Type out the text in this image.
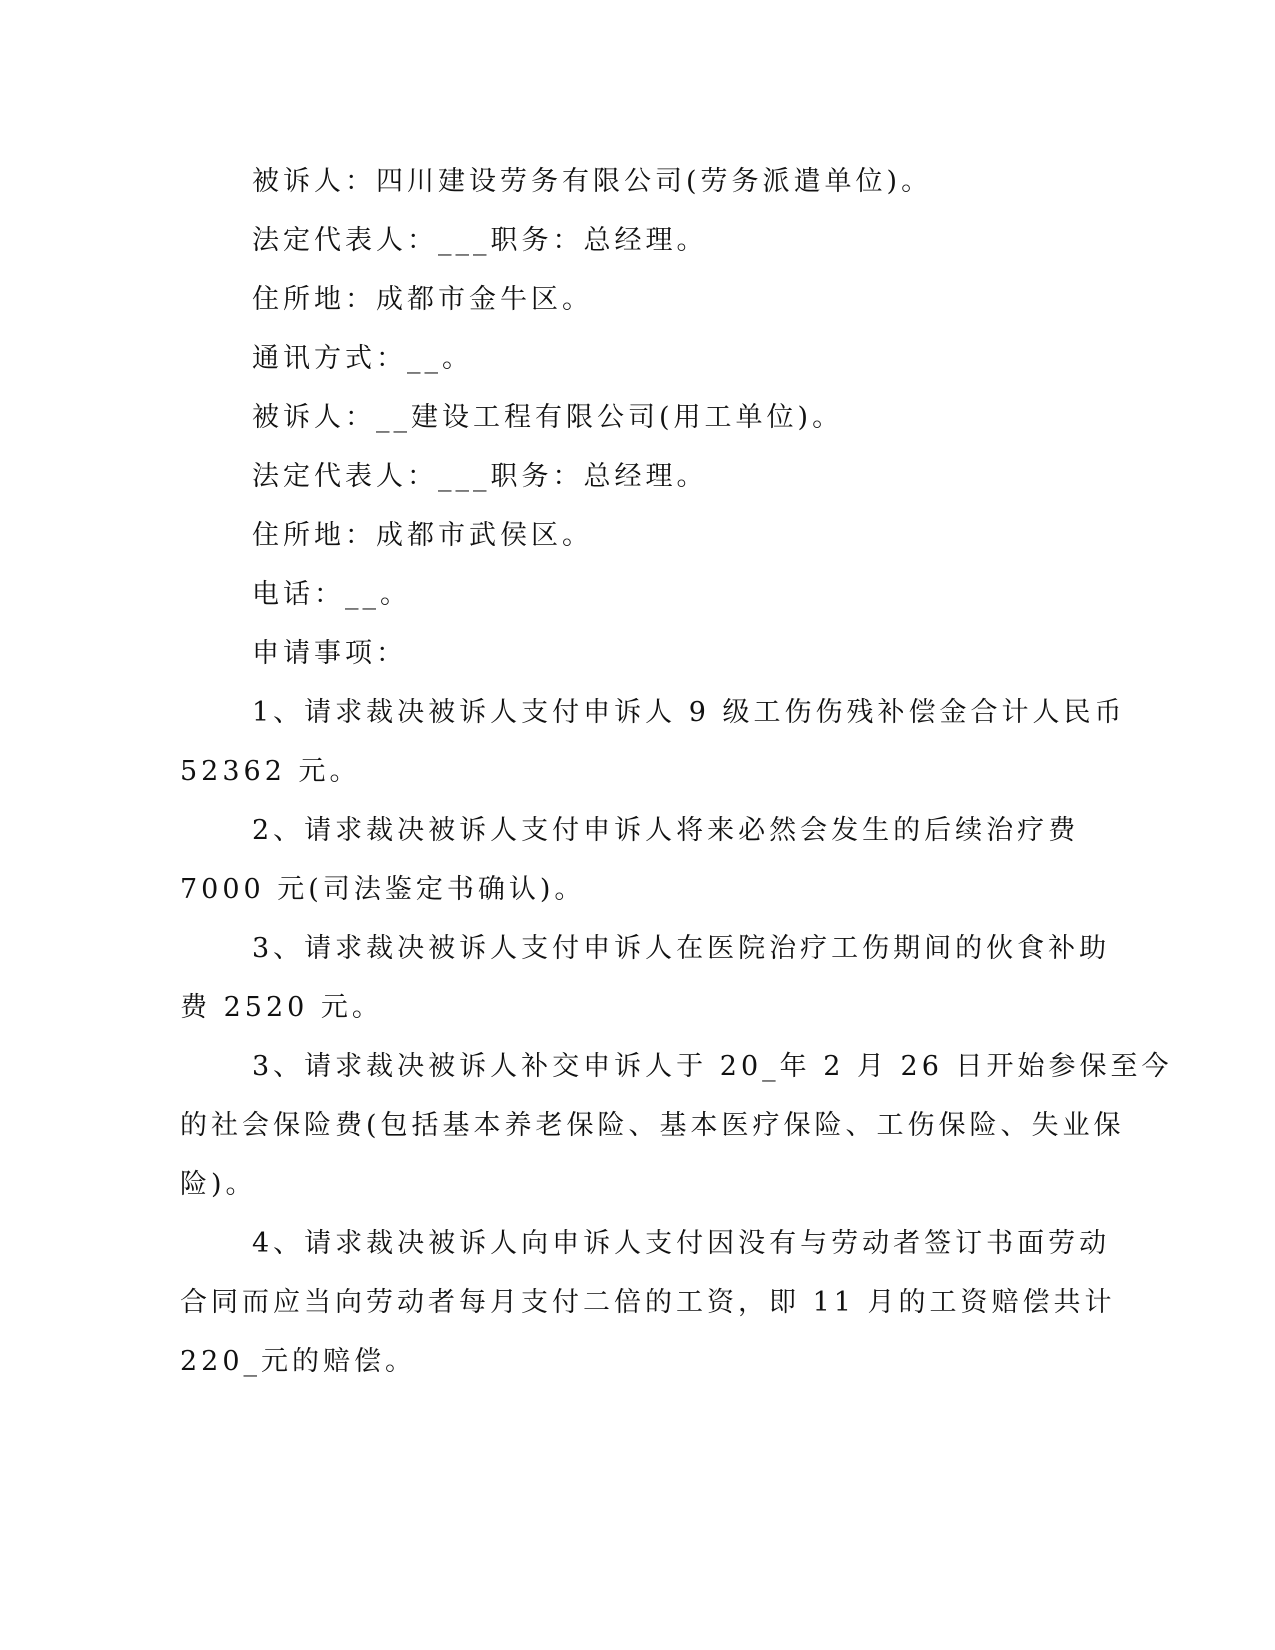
被诉人：四川建设劳务有限公司(劳务派遣单位)。
法定代表人：___职务：总经理。
住所地：成都市金牛区。
通讯方式：__。
被诉人：__建设工程有限公司(用工单位)。
法定代表人：___职务：总经理。
住所地：成都市武侯区。
电话：__。
申请事项：
1、请求裁决被诉人支付申诉人 9 级工伤伤残补偿金合计人民币
52362 元。
2、请求裁决被诉人支付申诉人将来必然会发生的后续治疗费
7000 元(司法鉴定书确认)。
3、请求裁决被诉人支付申诉人在医院治疗工伤期间的伙食补助
费 2520 元。
3、请求裁决被诉人补交申诉人于 20_年 2 月 26 日开始参保至今
的社会保险费(包括基本养老保险、基本医疗保险、工伤保险、失业保
险)。
4、请求裁决被诉人向申诉人支付因没有与劳动者签订书面劳动
合同而应当向劳动者每月支付二倍的工资，即 11 月的工资赔偿共计
220_元的赔偿。
